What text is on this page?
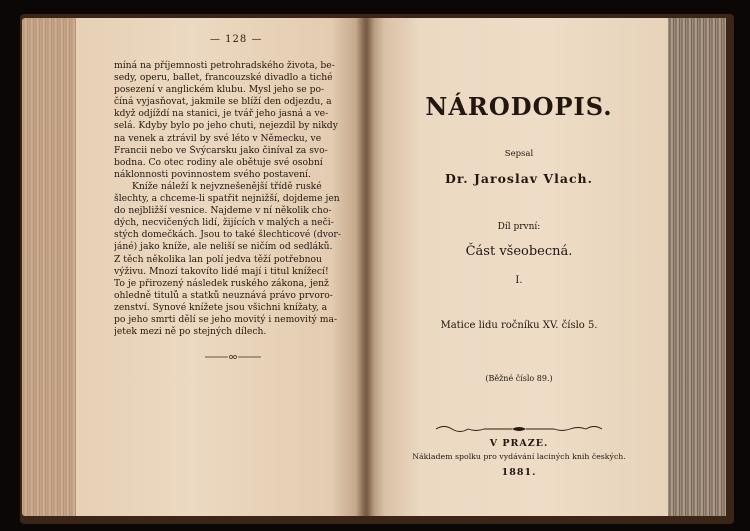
— 128 —
míná na příjemnosti petrohradského života, be-
sedy, operu, ballet, francouzské divadlo a tiché
posezení v anglickém klubu. Mysl jeho se po-
číná vyjasňovat, jakmile se blíží den odjezdu, a
když odjíždí na stanici, je tvář jeho jasná a ve-
selá. Kdyby bylo po jeho chuti, nejezdil by nikdy
na venek a ztrávil by své léto v Německu, ve
Francii nebo ve Švýcarsku jako činíval za svo-
bodna. Co otec rodiny ale obětuje své osobní
náklonnosti povinnostem svého postavení.
Kníže náleží k nejvznešenější třídě ruské
šlechty, a chceme-li spatřit nejnižší, dojdeme jen
do nejbližší vesnice. Najdeme v ní několik cho-
dých, necvičených lidí, žijících v malých a neči-
stých domečkách. Jsou to také šlechticové (dvor-
jáné) jako kníže, ale neliší se ničím od sedláků.
Z těch několika lan polí jedva těží potřebnou
výživu. Mnozí takovíto lidé mají i titul knížecí!
To je přirozený následek ruského zákona, jenž
ohledně titulů a statků neuznává právo prvoro-
zenství. Synové knížete jsou všichni knížaty, a
po jeho smrti dělí se jeho movitý i nemovitý ma-
jetek mezi ně po stejných dílech.
NÁRODOPIS.
Sepsal
Dr. Jaroslav Vlach.
Díl první:
Část všeobecná.
I.
Matice lidu ročníku XV. číslo 5.
(Běžné číslo 89.)
V PRAZE.
Nákladem spolku pro vydávání laciných knih českých.
1881.
